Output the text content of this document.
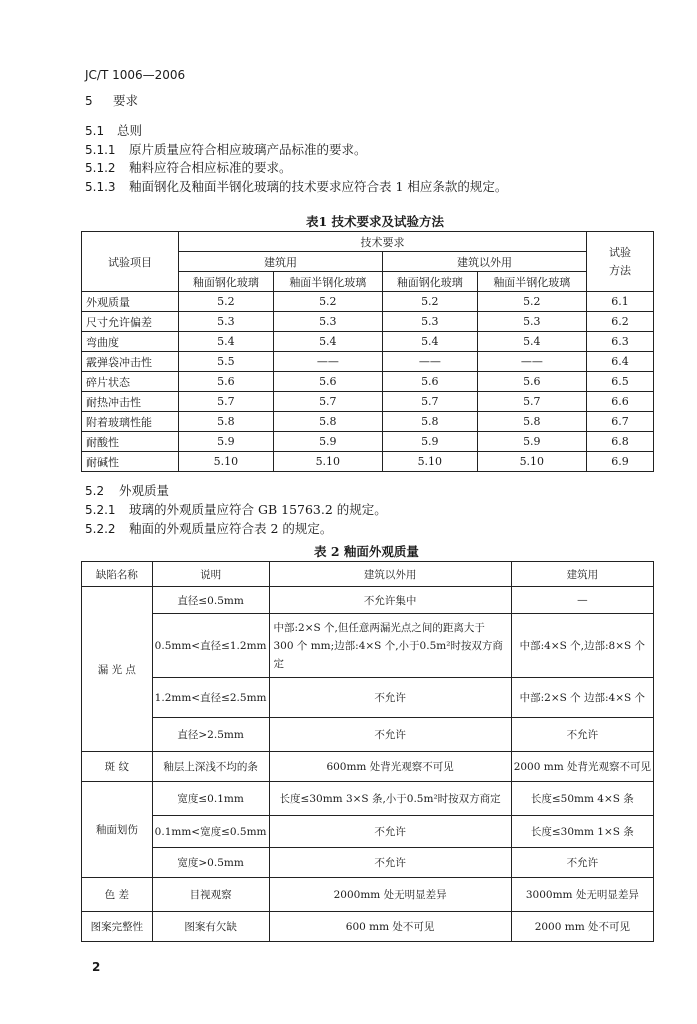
JC/T 1006—2006
5 要求
5.1 总则
5.1.1 原片质量应符合相应玻璃产品标准的要求。
5.1.2 釉料应符合相应标准的要求。
5.1.3 釉面钢化及釉面半钢化玻璃的技术要求应符合表 1 相应条款的规定。
表1 技术要求及试验方法
试验项目	技术要求				试验方法
	建筑用		建筑以外用		
	釉面钢化玻璃	釉面半钢化玻璃	釉面钢化玻璃	釉面半钢化玻璃	
外观质量	5.2	5.2	5.2	5.2	6.1
尺寸允许偏差	5.3	5.3	5.3	5.3	6.2
弯曲度	5.4	5.4	5.4	5.4	6.3
霰弹袋冲击性	5.5	——	——	——	6.4
碎片状态	5.6	5.6	5.6	5.6	6.5
耐热冲击性	5.7	5.7	5.7	5.7	6.6
附着玻璃性能	5.8	5.8	5.8	5.8	6.7
耐酸性	5.9	5.9	5.9	5.9	6.8
耐碱性	5.10	5.10	5.10	5.10	6.9
5.2 外观质量
5.2.1 玻璃的外观质量应符合 GB 15763.2 的规定。
5.2.2 釉面的外观质量应符合表 2 的规定。
表 2 釉面外观质量
缺陷名称	说明	建筑以外用	建筑用
漏 光 点	直径≤0.5mm	不允许集中	—
	0.5mm<直径≤1.2mm	中部:2×S 个,但任意两漏光点之间的距离大于 300 个 mm;边部:4×S 个,小于0.5m²时按双方商定	中部:4×S 个,边部:8×S 个
	1.2mm<直径≤2.5mm	不允许	中部:2×S 个 边部:4×S 个
	直径>2.5mm	不允许	不允许
斑 纹	釉层上深浅不均的条	600mm 处背光观察不可见	2000 mm 处背光观察不可见
釉面划伤	宽度≤0.1mm	长度≤30mm 3×S 条,小于0.5m²时按双方商定	长度≤50mm 4×S 条
	0.1mm<宽度≤0.5mm	不允许	长度≤30mm 1×S 条
	宽度>0.5mm	不允许	不允许
色 差	目视观察	2000mm 处无明显差异	3000mm 处无明显差异
图案完整性	图案有欠缺	600 mm 处不可见	2000 mm 处不可见
2
